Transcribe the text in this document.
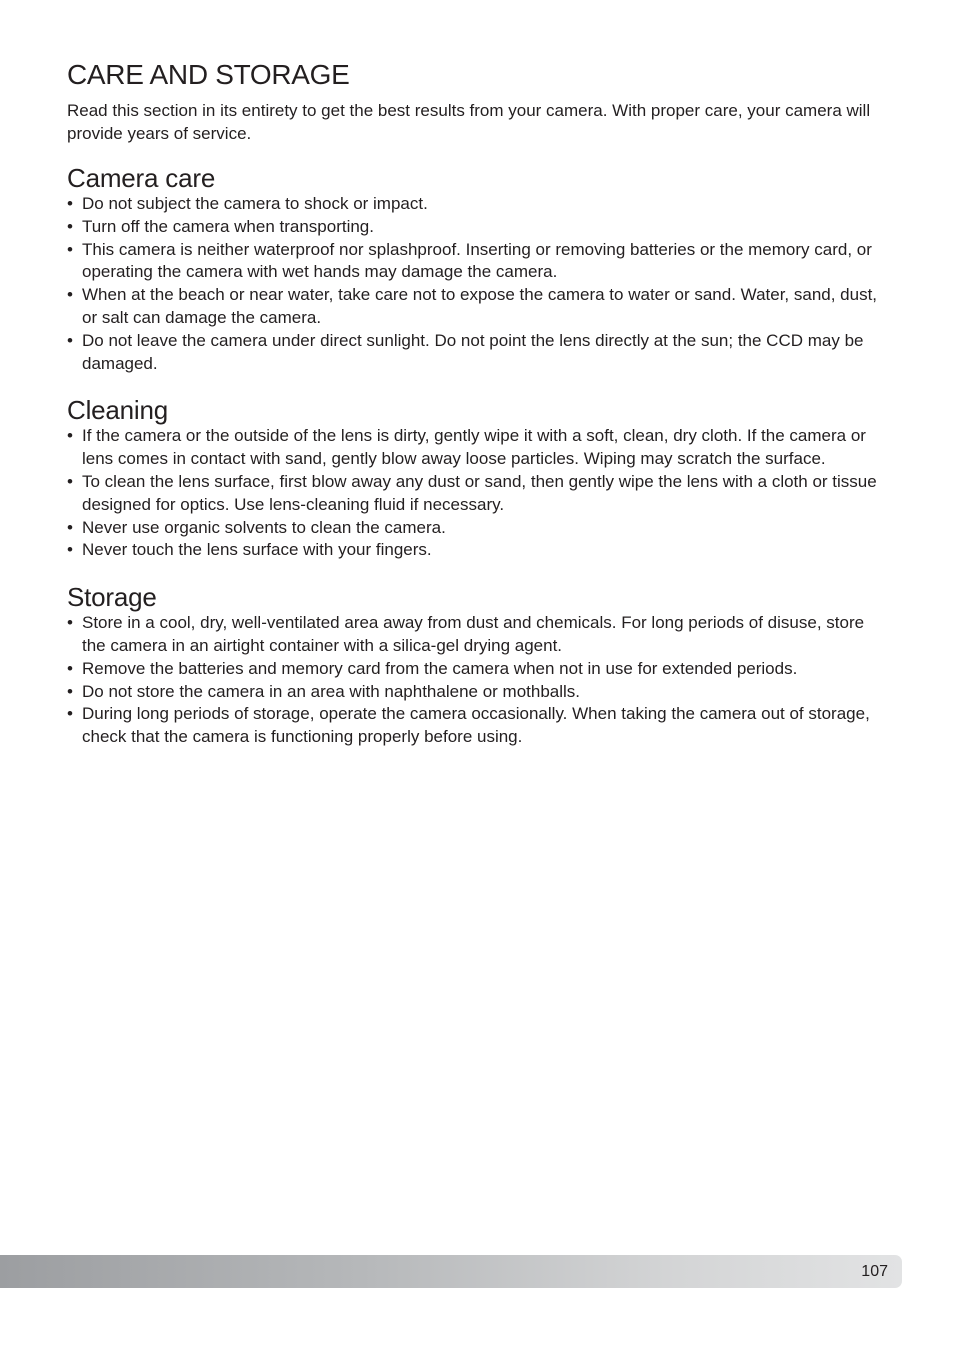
CARE AND STORAGE

Read this section in its entirety to get the best results from your camera. With proper care, your camera will provide years of service.

Camera care
• Do not subject the camera to shock or impact.
• Turn off the camera when transporting.
• This camera is neither waterproof nor splashproof. Inserting or removing batteries or the memory card, or operating the camera with wet hands may damage the camera.
• When at the beach or near water, take care not to expose the camera to water or sand. Water, sand, dust, or salt can damage the camera.
• Do not leave the camera under direct sunlight. Do not point the lens directly at the sun; the CCD may be damaged.
Cleaning
• If the camera or the outside of the lens is dirty, gently wipe it with a soft, clean, dry cloth. If the camera or lens comes in contact with sand, gently blow away loose particles. Wiping may scratch the surface.
• To clean the lens surface, first blow away any dust or sand, then gently wipe the lens with a cloth or tissue designed for optics. Use lens-cleaning fluid if necessary.
• Never use organic solvents to clean the camera.
• Never touch the lens surface with your fingers.
Storage
• Store in a cool, dry, well-ventilated area away from dust and chemicals. For long periods of disuse, store the camera in an airtight container with a silica-gel drying agent.
• Remove the batteries and memory card from the camera when not in use for extended periods.
• Do not store the camera in an area with naphthalene or mothballs.
• During long periods of storage, operate the camera occasionally. When taking the camera out of storage, check that the camera is functioning properly before using.
107
